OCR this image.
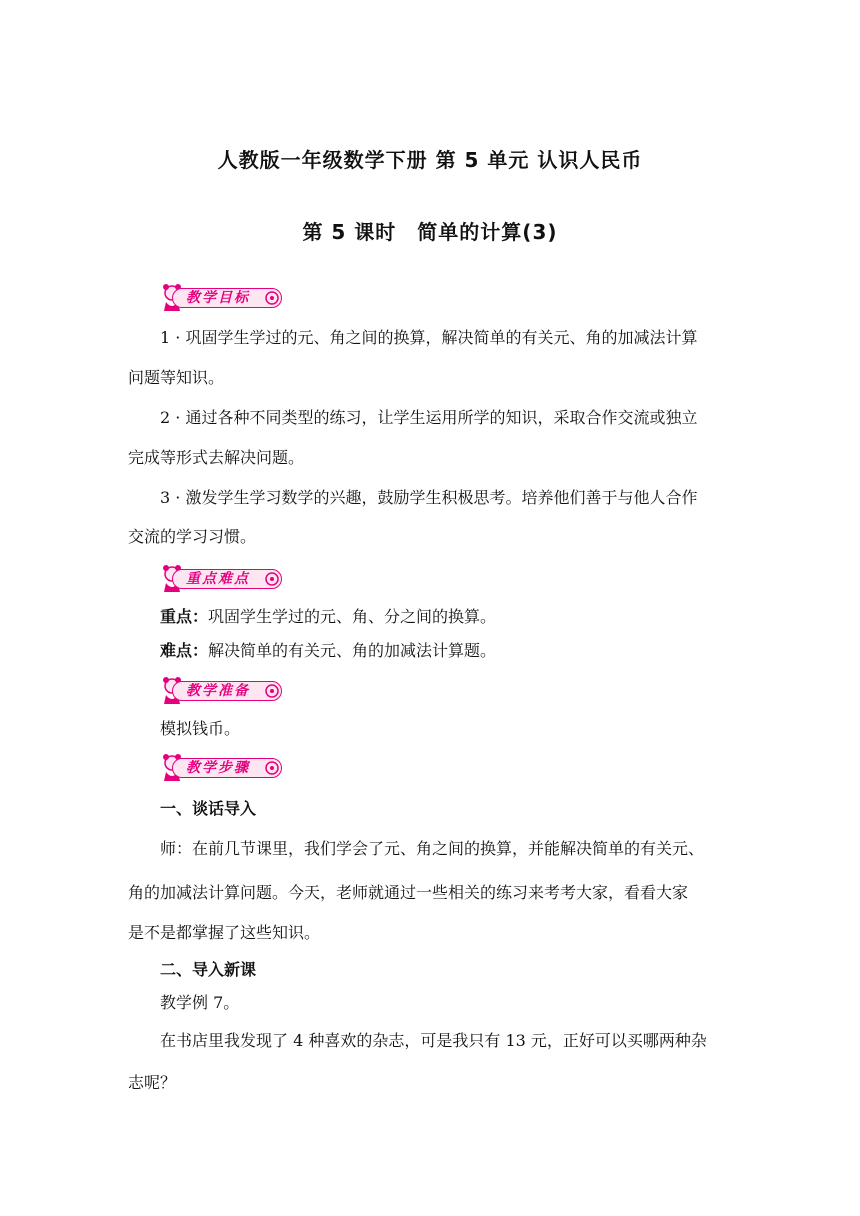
人教版一年级数学下册 第 5 单元 认识人民币
第 5 课时　简单的计算(3)
教学目标
1 · 巩固学生学过的元、角之间的换算，解决简单的有关元、角的加减法计算
问题等知识。
2 · 通过各种不同类型的练习，让学生运用所学的知识，采取合作交流或独立
完成等形式去解决问题。
3 · 激发学生学习数学的兴趣，鼓励学生积极思考。培养他们善于与他人合作
交流的学习习惯。
重点难点
重点：巩固学生学过的元、角、分之间的换算。
难点：解决简单的有关元、角的加减法计算题。
教学准备
模拟钱币。
教学步骤
一、谈话导入
师：在前几节课里，我们学会了元、角之间的换算，并能解决简单的有关元、
角的加减法计算问题。今天，老师就通过一些相关的练习来考考大家，看看大家
是不是都掌握了这些知识。
二、导入新课
教学例 7。
在书店里我发现了 4 种喜欢的杂志，可是我只有 13 元，正好可以买哪两种杂
志呢？
